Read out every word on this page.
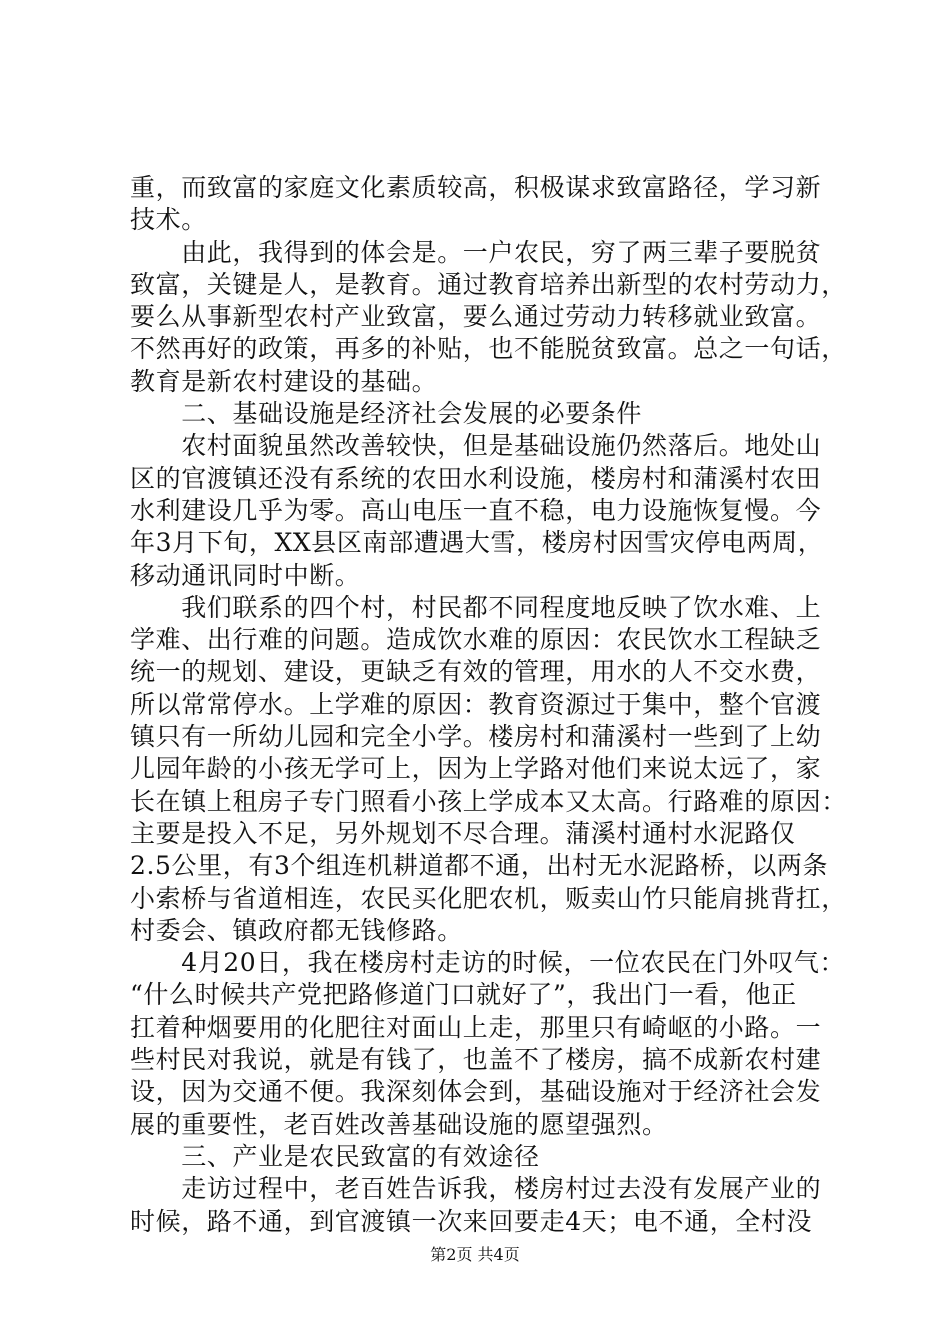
重，而致富的家庭文化素质较高，积极谋求致富路径，学习新
技术。
　　由此，我得到的体会是。一户农民，穷了两三辈子要脱贫
致富，关键是人，是教育。通过教育培养出新型的农村劳动力，
要么从事新型农村产业致富，要么通过劳动力转移就业致富。
不然再好的政策，再多的补贴，也不能脱贫致富。总之一句话，
教育是新农村建设的基础。
　　二、基础设施是经济社会发展的必要条件
　　农村面貌虽然改善较快，但是基础设施仍然落后。地处山
区的官渡镇还没有系统的农田水利设施，楼房村和蒲溪村农田
水利建设几乎为零。高山电压一直不稳，电力设施恢复慢。今
年3月下旬，XX县区南部遭遇大雪，楼房村因雪灾停电两周，
移动通讯同时中断。
　　我们联系的四个村，村民都不同程度地反映了饮水难、上
学难、出行难的问题。造成饮水难的原因：农民饮水工程缺乏
统一的规划、建设，更缺乏有效的管理，用水的人不交水费，
所以常常停水。上学难的原因：教育资源过于集中，整个官渡
镇只有一所幼儿园和完全小学。楼房村和蒲溪村一些到了上幼
儿园年龄的小孩无学可上，因为上学路对他们来说太远了，家
长在镇上租房子专门照看小孩上学成本又太高。行路难的原因：
主要是投入不足，另外规划不尽合理。蒲溪村通村水泥路仅
2.5公里，有3个组连机耕道都不通，出村无水泥路桥，以两条
小索桥与省道相连，农民买化肥农机，贩卖山竹只能肩挑背扛，
村委会、镇政府都无钱修路。
　　4月20日，我在楼房村走访的时候，一位农民在门外叹气：
“什么时候共产党把路修道门口就好了”，我出门一看，他正
扛着种烟要用的化肥往对面山上走，那里只有崎岖的小路。一
些村民对我说，就是有钱了，也盖不了楼房，搞不成新农村建
设，因为交通不便。我深刻体会到，基础设施对于经济社会发
展的重要性，老百姓改善基础设施的愿望强烈。
　　三、产业是农民致富的有效途径
　　走访过程中，老百姓告诉我，楼房村过去没有发展产业的
时候，路不通，到官渡镇一次来回要走4天；电不通，全村没
第2页 共4页
